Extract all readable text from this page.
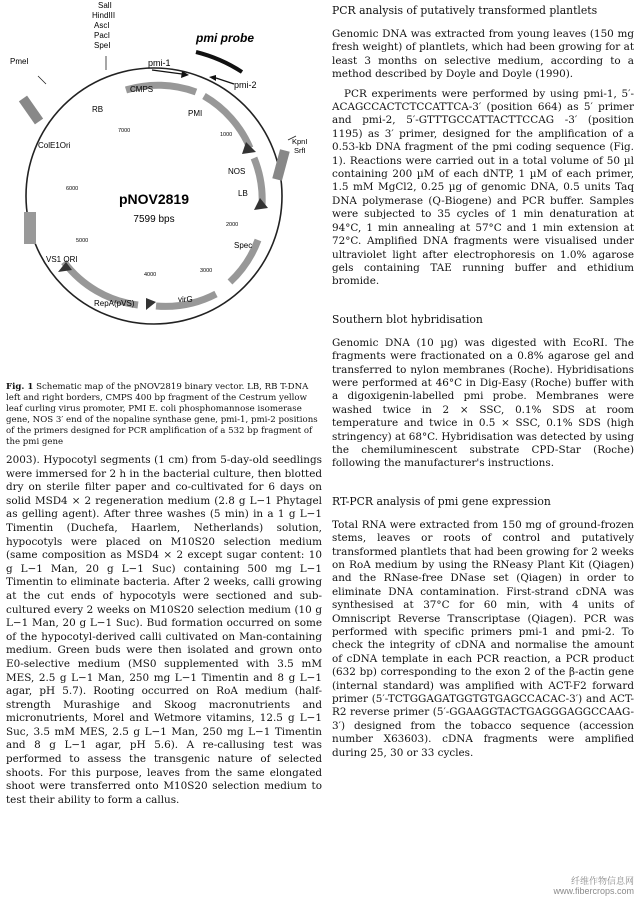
SalI
HindIII
AscI
PacI
SpeI
PmeI
pmi probe
pmi-1
pmi-2
CMPS
PMI
NOS
LB
RB
KpnI
SrfI
ColE1Ori
pNOV2819
7599 bps
Spec
VS1 ORI
RepA(pVS)	virG
1000
2000
3000
4000
5000
6000
7000

Fig. 1 Schematic map of the pNOV2819 binary vector. LB, RB T-DNA left and right borders, CMPS 400 bp fragment of the Cestrum yellow leaf curling virus promoter, PMI E. coli phosphomannose isomerase gene, NOS 3′ end of the nopaline synthase gene, pmi-1, pmi-2 positions of the primers designed for PCR amplification of a 532 bp fragment of the pmi gene

2003). Hypocotyl segments (1 cm) from 5-day-old seedlings were immersed for 2 h in the bacterial culture, then blotted dry on sterile filter paper and co-cultivated for 6 days on solid MSD4 × 2 regeneration medium (2.8 g L−1 Phytagel as gelling agent). After three washes (5 min) in a 1 g L−1 Timentin (Duchefa, Haarlem, Netherlands) solution, hypocotyls were placed on M10S20 selection medium (same composition as MSD4 × 2 except sugar content: 10 g L−1 Man, 20 g L−1 Suc) containing 500 mg L−1 Timentin to eliminate bacteria. After 2 weeks, calli growing at the cut ends of hypocotyls were sectioned and sub-cultured every 2 weeks on M10S20 selection medium (10 g L−1 Man, 20 g L−1 Suc). Bud formation occurred on some of the hypocotyl-derived calli cultivated on Man-containing medium. Green buds were then isolated and grown onto E0-selective medium (MS0 supplemented with 3.5 mM MES, 2.5 g L−1 Man, 250 mg L−1 Timentin and 8 g L−1 agar, pH 5.7). Rooting occurred on RoA medium (half-strength Murashige and Skoog macronutrients and micronutrients, Morel and Wetmore vitamins, 12.5 g L−1 Suc, 3.5 mM MES, 2.5 g L−1 Man, 250 mg L−1 Timentin and 8 g L−1 agar, pH 5.6). A re-callusing test was performed to assess the transgenic nature of selected shoots. For this purpose, leaves from the same elongated shoot were transferred onto M10S20 selection medium to test their ability to form a callus.

PCR analysis of putatively transformed plantlets

Genomic DNA was extracted from young leaves (150 mg fresh weight) of plantlets, which had been growing for at least 3 months on selective medium, according to a method described by Doyle and Doyle (1990).

PCR experiments were performed by using pmi-1, 5′-ACAGCCACTCTCCATTCA-3′ (position 664) as 5′ primer and pmi-2, 5′-GTTTGCCATTACTTCCAG -3′ (position 1195) as 3′ primer, designed for the amplification of a 0.53-kb DNA fragment of the pmi coding sequence (Fig. 1). Reactions were carried out in a total volume of 50 µl containing 200 µM of each dNTP, 1 µM of each primer, 1.5 mM MgCl2, 0.25 µg of genomic DNA, 0.5 units Taq DNA polymerase (Q-Biogene) and PCR buffer. Samples were subjected to 35 cycles of 1 min denaturation at 94°C, 1 min annealing at 57°C and 1 min extension at 72°C. Amplified DNA fragments were visualised under ultraviolet light after electrophoresis on 1.0% agarose gels containing TAE running buffer and ethidium bromide.

Southern blot hybridisation

Genomic DNA (10 µg) was digested with EcoRI. The fragments were fractionated on a 0.8% agarose gel and transferred to nylon membranes (Roche). Hybridisations were performed at 46°C in Dig-Easy (Roche) buffer with a digoxigenin-labelled pmi probe. Membranes were washed twice in 2 × SSC, 0.1% SDS at room temperature and twice in 0.5 × SSC, 0.1% SDS (high stringency) at 68°C. Hybridisation was detected by using the chemiluminescent substrate CPD-Star (Roche) following the manufacturer's instructions.

RT-PCR analysis of pmi gene expression

Total RNA were extracted from 150 mg of ground-frozen stems, leaves or roots of control and putatively transformed plantlets that had been growing for 2 weeks on RoA medium by using the RNeasy Plant Kit (Qiagen) and the RNase-free DNase set (Qiagen) in order to eliminate DNA contamination. First-strand cDNA was synthesised at 37°C for 60 min, with 4 units of Omniscript Reverse Transcriptase (Qiagen). PCR was performed with specific primers pmi-1 and pmi-2. To check the integrity of cDNA and normalise the amount of cDNA template in each PCR reaction, a PCR product (632 bp) corresponding to the exon 2 of the β-actin gene (internal standard) was amplified with ACT-F2 forward primer (5′-TCTGGAGATGGTGTGAGCCACAC-3′) and ACT-R2 reverse primer (5′-GGAAGGTACTGAGGGAGGCCAAG-3′) designed from the tobacco sequence (accession number X63603). cDNA fragments were amplified during 25, 30 or 33 cycles.

纤维作物信息网
www.fibercrops.com
